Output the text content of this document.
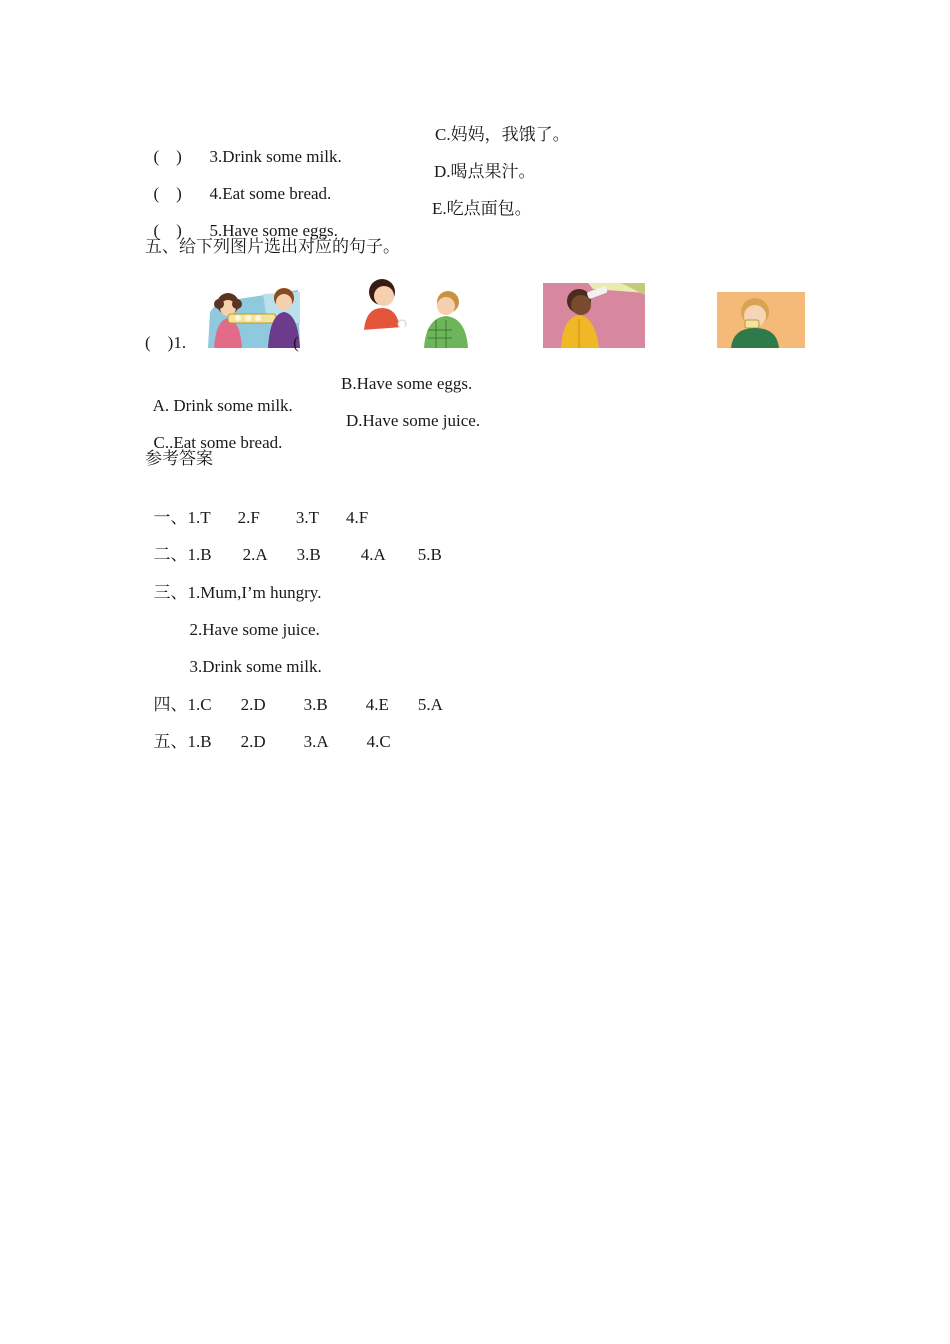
(    ) 3.Drink some milk.

C.妈妈，我饿了。

(    ) 4.Eat some bread.

D.喝点果汁。

(    ) 5.Have some eggs.

E.吃点面包。

五、给下列图片选出对应的句子。
(    )1.	(

A. Drink some milk.

B.Have some eggs.

C..Eat some bread.

D.Have some juice.

参考答案

一、1.T 2.F 3.T 4.F

二、1.B 2.A 3.B 4.A 5.B

三、1.Mum,I’m hungry.

2.Have some juice.

3.Drink some milk.

四、1.C 2.D 3.B 4.E 5.A

五、1.B 2.D 3.A 4.C
